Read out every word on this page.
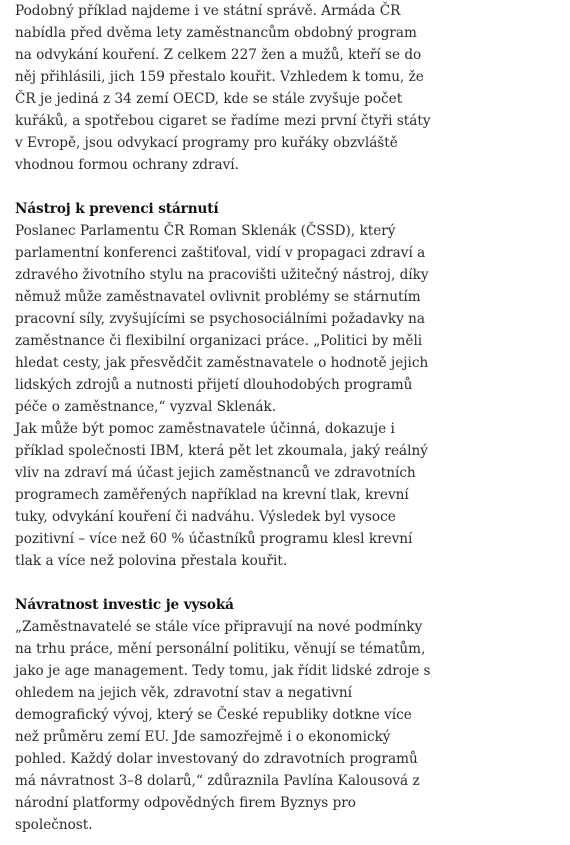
Podobný příklad najdeme i ve státní správě. Armáda ČR
nabídla před dvěma lety zaměstnancům obdobný program
na odvykání kouření. Z celkem 227 žen a mužů, kteří se do
něj přihlásili, jich 159 přestalo kouřit. Vzhledem k tomu, že
ČR je jediná z 34 zemí OECD, kde se stále zvyšuje počet
kuřáků, a spotřebou cigaret se řadíme mezi první čtyři státy
v Evropě, jsou odvykací programy pro kuřáky obzvláště
vhodnou formou ochrany zdraví.
Nástroj k prevenci stárnutí
Poslanec Parlamentu ČR Roman Sklenák (ČSSD), který
parlamentní konferenci zaštiťoval, vidí v propagaci zdraví a
zdravého životního stylu na pracovišti užitečný nástroj, díky
němuž může zaměstnavatel ovlivnit problémy se stárnutím
pracovní síly, zvyšujícími se psychosociálními požadavky na
zaměstnance či flexibilní organizaci práce. „Politici by měli
hledat cesty, jak přesvědčit zaměstnavatele o hodnotě jejich
lidských zdrojů a nutnosti přijetí dlouhodobých programů
péče o zaměstnance,“ vyzval Sklenák.
Jak může být pomoc zaměstnavatele účinná, dokazuje i
příklad společnosti IBM, která pět let zkoumala, jaký reálný
vliv na zdraví má účast jejich zaměstnanců ve zdravotních
programech zaměřených například na krevní tlak, krevní
tuky, odvykání kouření či nadváhu. Výsledek byl vysoce
pozitivní – více než 60 % účastníků programu klesl krevní
tlak a více než polovina přestala kouřit.
Návratnost investic je vysoká
„Zaměstnavatelé se stále více připravují na nové podmínky
na trhu práce, mění personální politiku, věnují se tématům,
jako je age management. Tedy tomu, jak řídit lidské zdroje s
ohledem na jejich věk, zdravotní stav a negativní
demografický vývoj, který se České republiky dotkne více
než průměru zemí EU. Jde samozřejmě i o ekonomický
pohled. Každý dolar investovaný do zdravotních programů
má návratnost 3–8 dolarů,“ zdůraznila Pavlína Kalousová z
národní platformy odpovědných firem Byznys pro
společnost.
